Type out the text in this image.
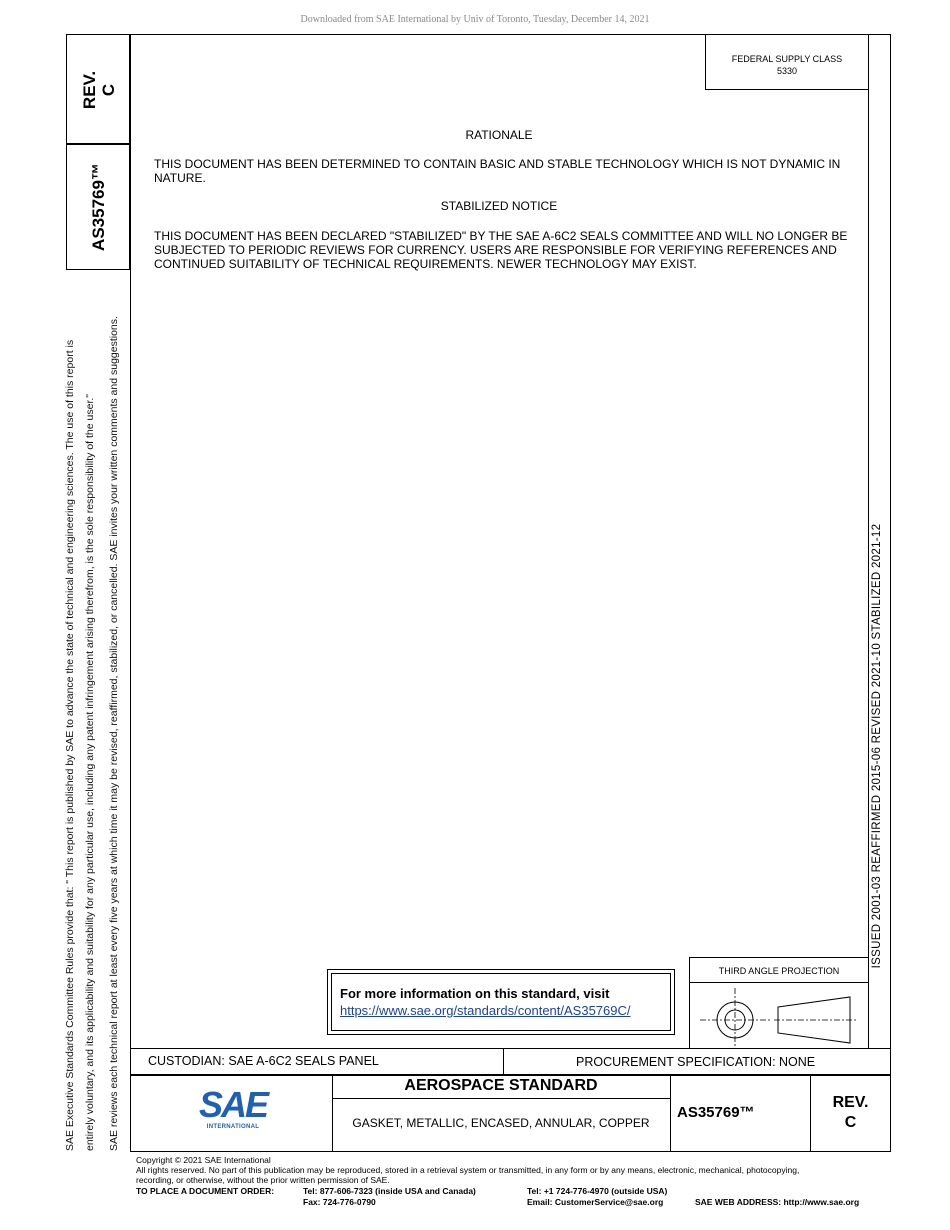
Downloaded from SAE International by Univ of Toronto, Tuesday, December 14, 2021
REV. C
AS35769™
SAE Executive Standards Committee Rules provide that: " This report is published by SAE to advance the state of technical and engineering sciences. The use of this report is entirely voluntary, and its applicability and suitability for any particular use, including any patent infringement arising therefrom, is the sole responsibility of the user." SAE reviews each technical report at least every five years at which time it may be revised, reaffirmed, stabilized, or cancelled. SAE invites your written comments and suggestions.
FEDERAL SUPPLY CLASS
5330
RATIONALE
THIS DOCUMENT HAS BEEN DETERMINED TO CONTAIN BASIC AND STABLE TECHNOLOGY WHICH IS NOT DYNAMIC IN NATURE.
STABILIZED NOTICE
THIS DOCUMENT HAS BEEN DECLARED "STABILIZED" BY THE SAE A-6C2 SEALS COMMITTEE AND WILL NO LONGER BE SUBJECTED TO PERIODIC REVIEWS FOR CURRENCY. USERS ARE RESPONSIBLE FOR VERIFYING REFERENCES AND CONTINUED SUITABILITY OF TECHNICAL REQUIREMENTS. NEWER TECHNOLOGY MAY EXIST.
ISSUED 2001-03 REAFFIRMED 2015-06 REVISED 2021-10 STABILIZED 2021-12
For more information on this standard, visit
https://www.sae.org/standards/content/AS35769C/
THIRD ANGLE PROJECTION
CUSTODIAN: SAE A-6C2 SEALS PANEL	PROCUREMENT SPECIFICATION: NONE
SAE
INTERNATIONAL
AEROSPACE STANDARD
GASKET, METALLIC, ENCASED, ANNULAR, COPPER
AS35769™
REV.
C
Copyright © 2021 SAE International
All rights reserved. No part of this publication may be reproduced, stored in a retrieval system or transmitted, in any form or by any means, electronic, mechanical, photocopying,
recording, or otherwise, without the prior written permission of SAE.
TO PLACE A DOCUMENT ORDER:	Tel: 877-606-7323 (inside USA and Canada)
Fax: 724-776-0790
Tel: +1 724-776-4970 (outside USA)
Email: CustomerService@sae.org	SAE WEB ADDRESS: http://www.sae.org
